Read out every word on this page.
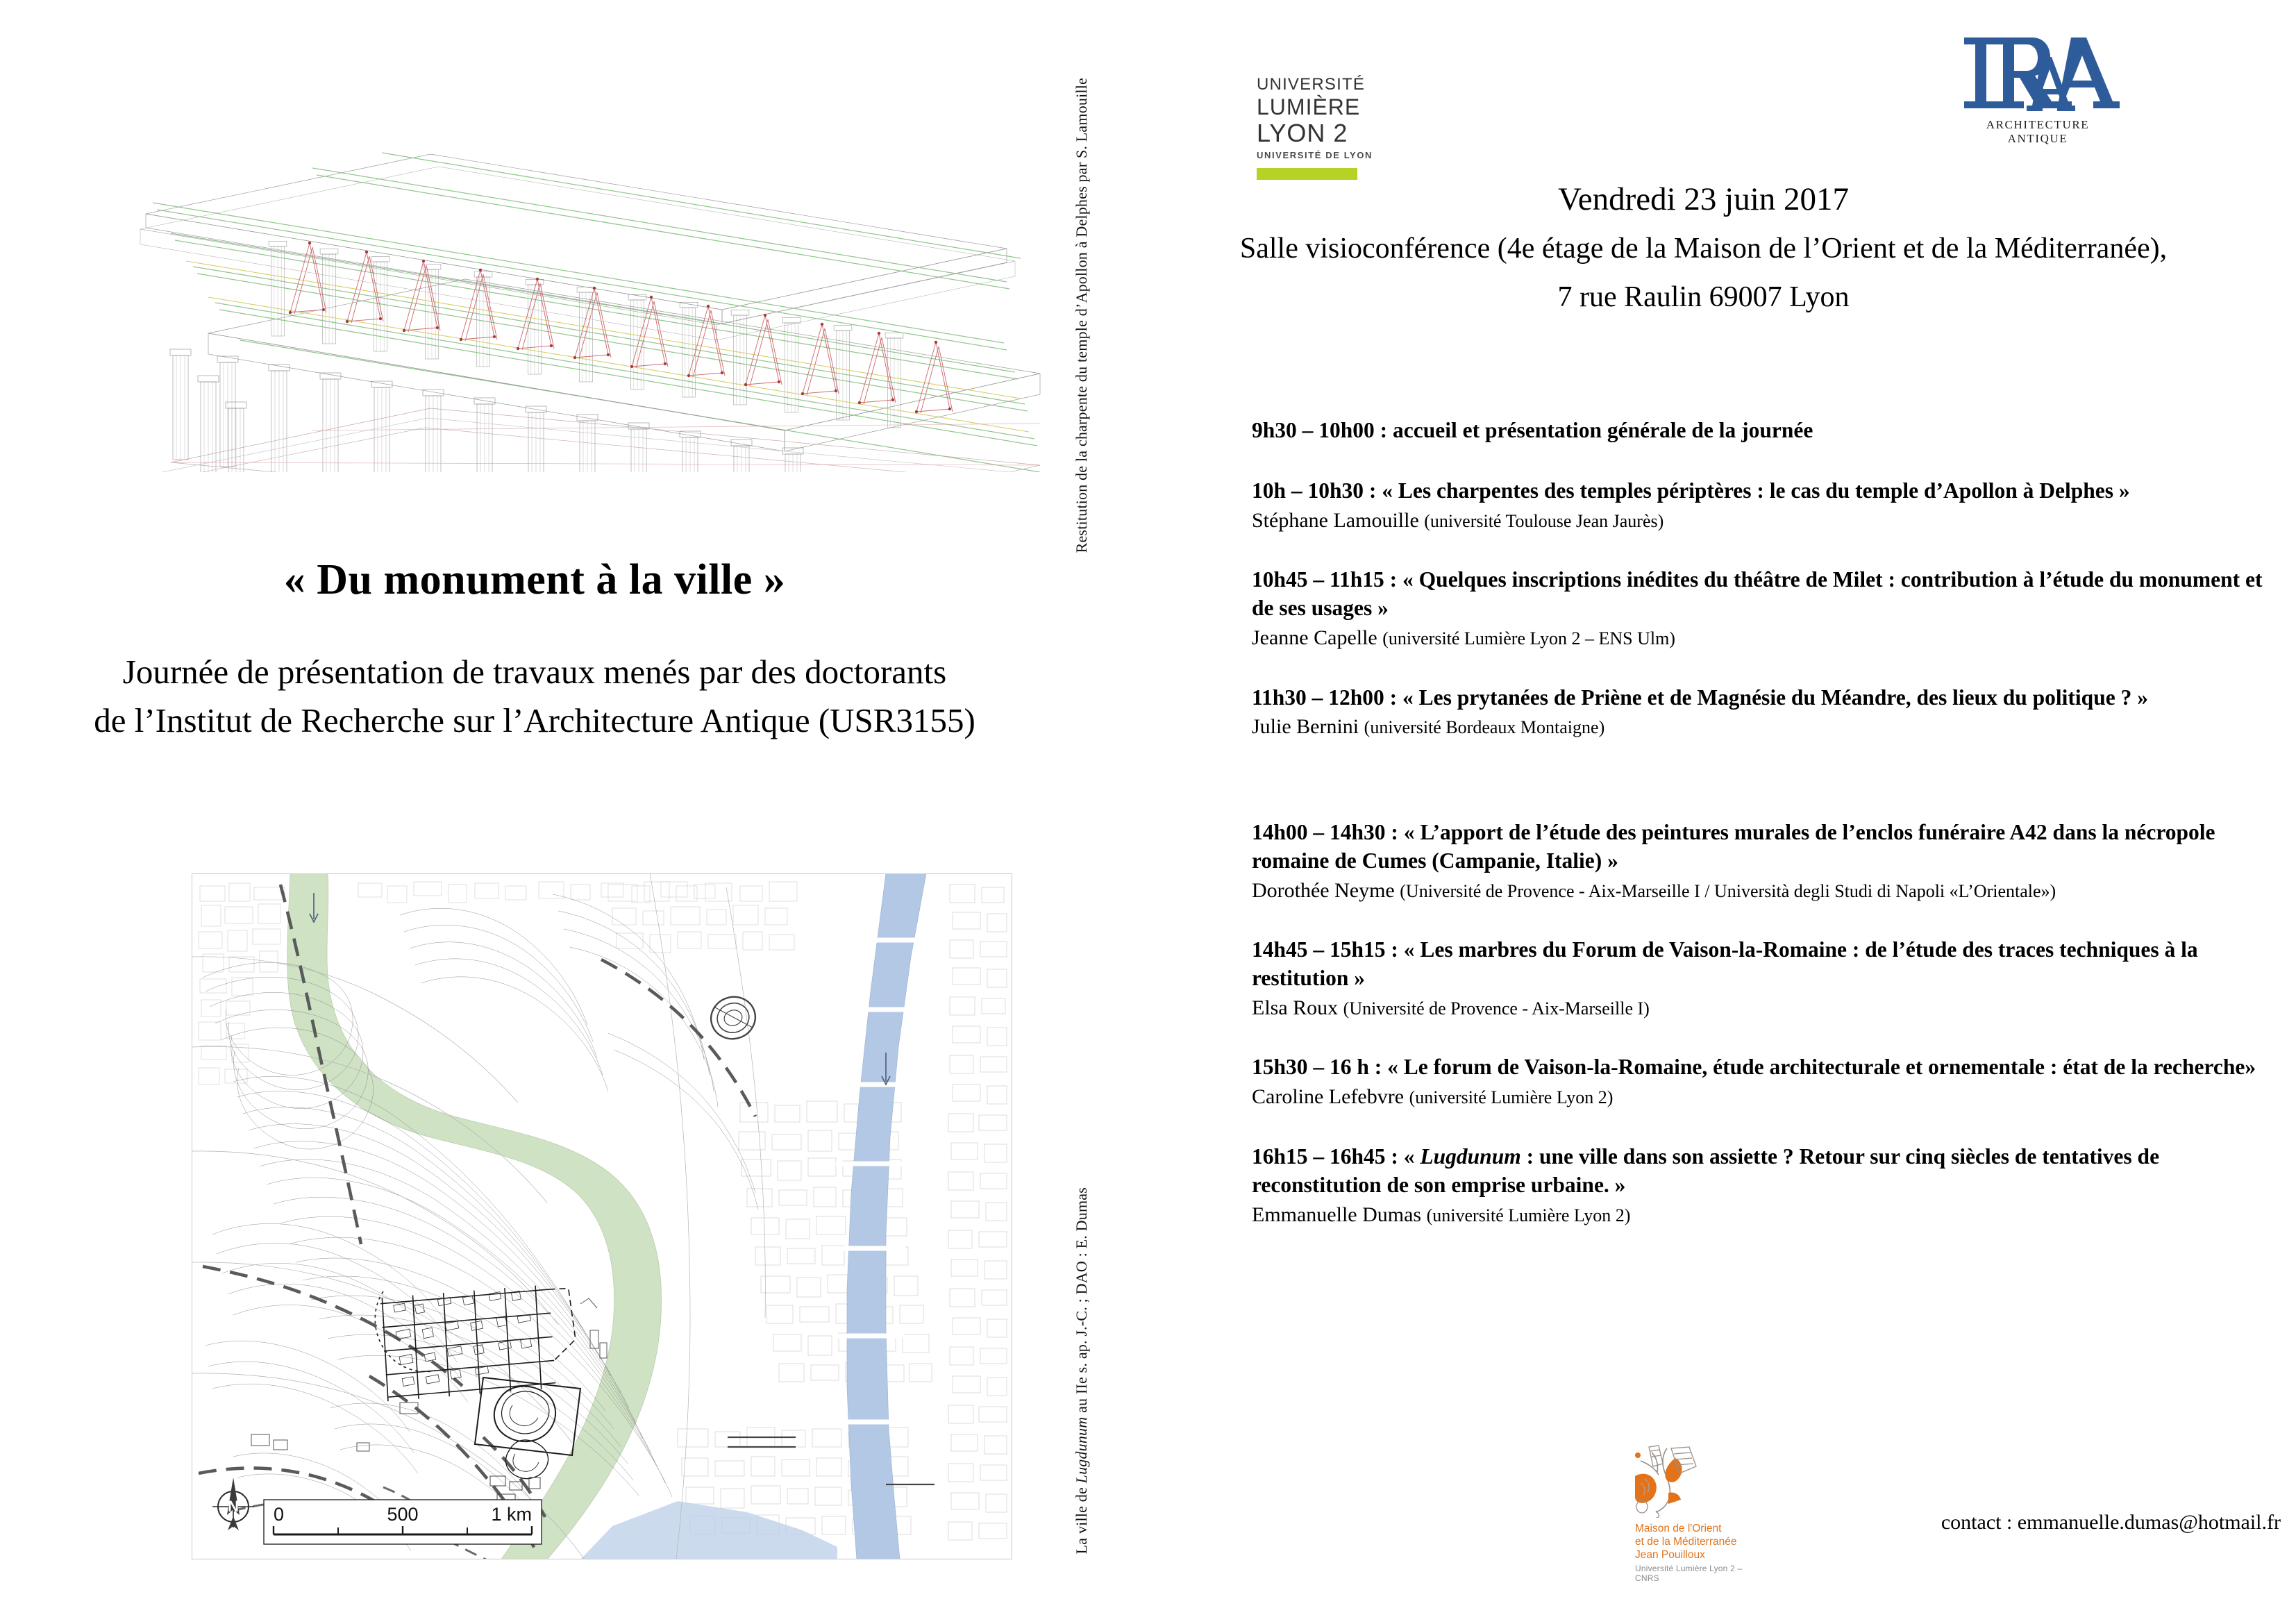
« Du monument à la ville »
Journée de présentation de travaux menés par des doctorants
de l’Institut de Recherche sur l’Architecture Antique (USR3155)
N 0	500	1 km
Restitution de la charpente du temple d’Apollon à Delphes par S. Lamouille
La ville de Lugdunum au IIe s. ap. J.-C. ; DAO : E. Dumas
UNIVERSITÉ
LUMIÈRE
LYON 2
UNIVERSITÉ DE LYON
ARCHITECTURE ANTIQUE
Vendredi 23 juin 2017
Salle visioconférence (4e étage de la Maison de l’Orient et de la Méditerranée),
7 rue Raulin 69007 Lyon
9h30 – 10h00 : accueil et présentation générale de la journée
10h – 10h30 : « Les charpentes des temples périptères : le cas du temple d’Apollon à Delphes »
Stéphane Lamouille (université Toulouse Jean Jaurès)
10h45 – 11h15 : « Quelques inscriptions inédites du théâtre de Milet : contribution à l’étude du monument et de ses usages »
Jeanne Capelle (université Lumière Lyon 2 – ENS Ulm)
11h30 – 12h00 : « Les prytanées de Priène et de Magnésie du Méandre, des lieux du politique ? »
Julie Bernini (université Bordeaux Montaigne)
14h00 – 14h30 : « L’apport de l’étude des peintures murales de l’enclos funéraire A42 dans la nécropole romaine de Cumes (Campanie, Italie) »
Dorothée Neyme (Université de Provence - Aix-Marseille I / Università degli Studi di Napoli «L’Orientale»)
14h45 – 15h15 : « Les marbres du Forum de Vaison-la-Romaine : de l’étude des traces techniques à la restitution »
Elsa Roux (Université de Provence - Aix-Marseille I)
15h30 – 16 h : « Le forum de Vaison-la-Romaine, étude architecturale et ornementale : état de la recherche»
Caroline Lefebvre (université Lumière Lyon 2)
16h15 – 16h45 : « Lugdunum : une ville dans son assiette ? Retour sur cinq siècles de tentatives de reconstitution de son emprise urbaine. »
Emmanuelle Dumas (université Lumière Lyon 2)
Maison de l'Orient
et de la Méditerranée
Jean Pouilloux
Université Lumière Lyon 2 – CNRS
contact : emmanuelle.dumas@hotmail.fr
